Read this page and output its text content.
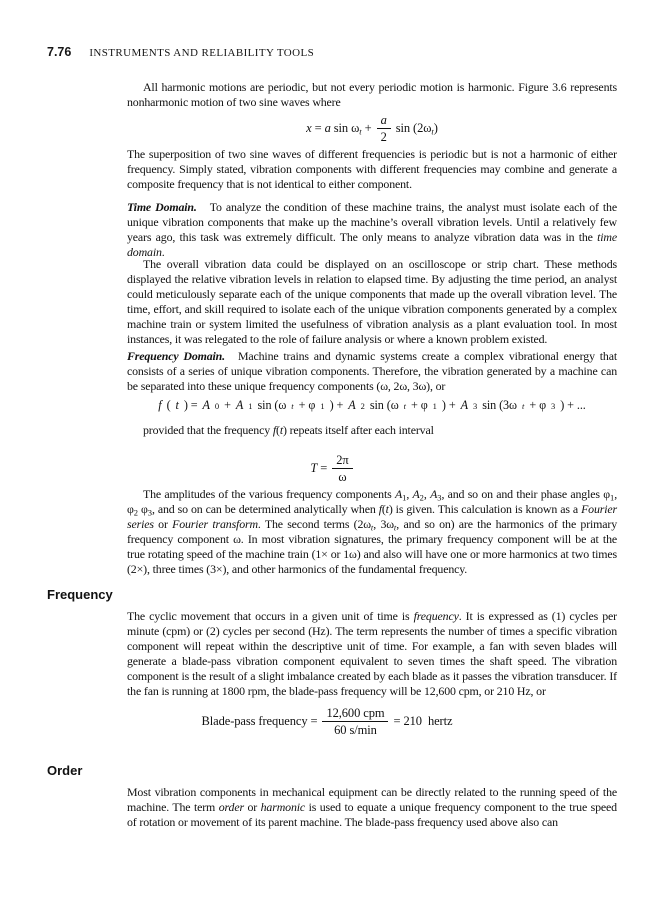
7.76 INSTRUMENTS AND RELIABILITY TOOLS

All harmonic motions are periodic, but not every periodic motion is harmonic. Figure 3.6 represents nonharmonic motion of two sine waves where

x = a $\sin \omega_t + \frac{a}{2}$ $\sin (2\omega_t)$

The superposition of two sine waves of different frequencies is periodic but is not a harmonic of either frequency. Simply stated, vibration components with different frequencies may combine and generate a composite frequency that is not identical to either component.

Time Domain. To analyze the condition of these machine trains, the analyst must isolate each of the unique vibration components that make up the machine’s overall vibration levels. Until a relatively few years ago, this task was extremely difficult. The only means to analyze vibration data was in the time domain.

The overall vibration data could be displayed on an oscilloscope or strip chart. These methods displayed the relative vibration levels in relation to elapsed time. By adjusting the time period, an analyst could meticulously separate each of the unique components that made up the overall vibration level. The time, effort, and skill required to isolate each of the unique vibration components generated by a complex machine train or system limited the usefulness of vibration analysis as a plant evaluation tool. In most instances, it was relegated to the role of failure analysis or where a known problem existed.

Frequency Domain. Machine trains and dynamic systems create a complex vibrational energy that consists of a series of unique vibration components. Therefore, the vibration generated by a machine can be separated into these unique frequency components (ω, 2ω, 3ω), or

f ( t ) = A 0 + A 1 sin (ω t + φ 1 ) + A 2 sin (ω t + φ 1 ) + A 3 sin (3ω t + φ 3 ) + ...

provided that the frequency f(t) repeats itself after each interval

$T = \frac{2\pi}{\omega}$

The amplitudes of the various frequency components $A_1$, $A_2$, $A_3$, and so on and their phase angles $\varphi_1$, $\varphi_2$ $\varphi_3$, and so on can be determined analytically when f(t) is given. This calculation is known as a Fourier series or Fourier transform. The second terms ($2\omega_t$, $3\omega_t$, and so on) are the harmonics of the primary frequency component ω. In most vibration signatures, the primary frequency component will be at the true rotating speed of the machine train (1× or 1ω) and also will have one or more harmonics at two times (2×), three times (3×), and other harmonics of the fundamental frequency.

Frequency

The cyclic movement that occurs in a given unit of time is frequency. It is expressed as (1) cycles per minute (cpm) or (2) cycles per second (Hz). The term represents the number of times a specific vibration component will repeat within the descriptive unit of time. For example, a fan with seven blades will generate a blade-pass vibration component equivalent to seven times the shaft speed. The vibration component is the result of a slight imbalance created by each blade as it passes the vibration transducer. If the fan is running at 1800 rpm, the blade-pass frequency will be 12,600 cpm, or 210 Hz, or

Blade-pass frequency = $\frac{\text{12,600 cpm}}{60 s/\min} = 210$  hertz
Order

Most vibration components in mechanical equipment can be directly related to the running speed of the machine. The term order or harmonic is used to equate a unique frequency component to the true speed of rotation or movement of its parent machine. The blade-pass frequency used above also can
